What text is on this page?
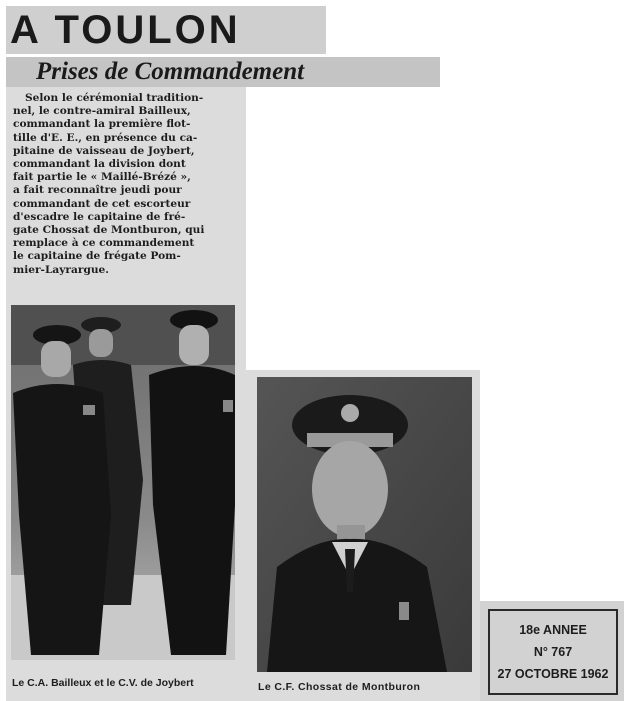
A TOULON
Prises de Commandement

Selon le cérémonial tradition-
nel, le contre-amiral Bailleux,
commandant la première flot-
tille d'E. E., en présence du ca-
pitaine de vaisseau de Joybert,
commandant la division dont
fait partie le « Maillé-Brézé »,
a fait reconnaître jeudi pour
commandant de cet escorteur
d'escadre le capitaine de fré-
gate Chossat de Montburon, qui
remplace à ce commandement
le capitaine de frégate Pom-
mier-Layrargue.

Le C.A. Bailleux et le C.V. de Joybert	Le C.F. Chossat de Montburon
18e ANNEE
N° 767
27 OCTOBRE 1962
